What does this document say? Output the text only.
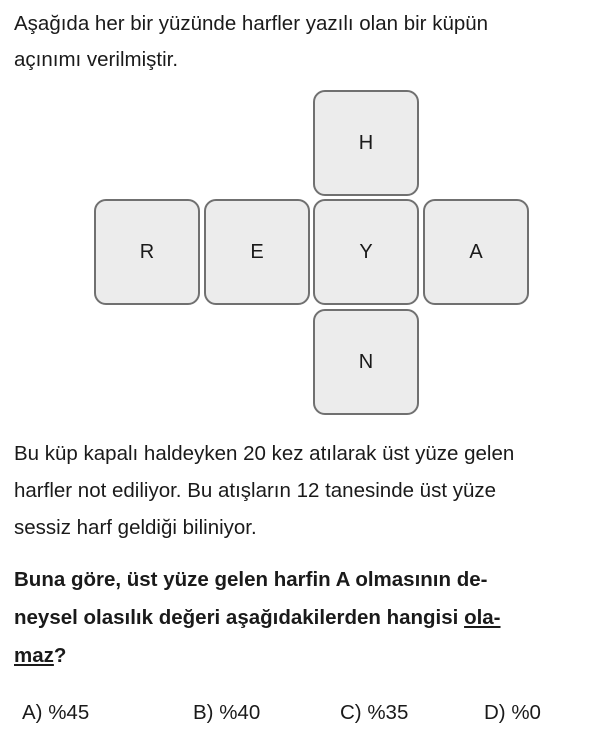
Aşağıda her bir yüzünde harfler yazılı olan bir küpün
açınımı verilmiştir.

H
R	E	Y	A
N

Bu küp kapalı haldeyken 20 kez atılarak üst yüze gelen
harfler not ediliyor. Bu atışların 12 tanesinde üst yüze
sessiz harf geldiği biliniyor.

Buna göre, üst yüze gelen harfin A olmasının de-
neysel olasılık değeri aşağıdakilerden hangisi ola-
maz?

A) %45	B) %40	C) %35	D) %0
